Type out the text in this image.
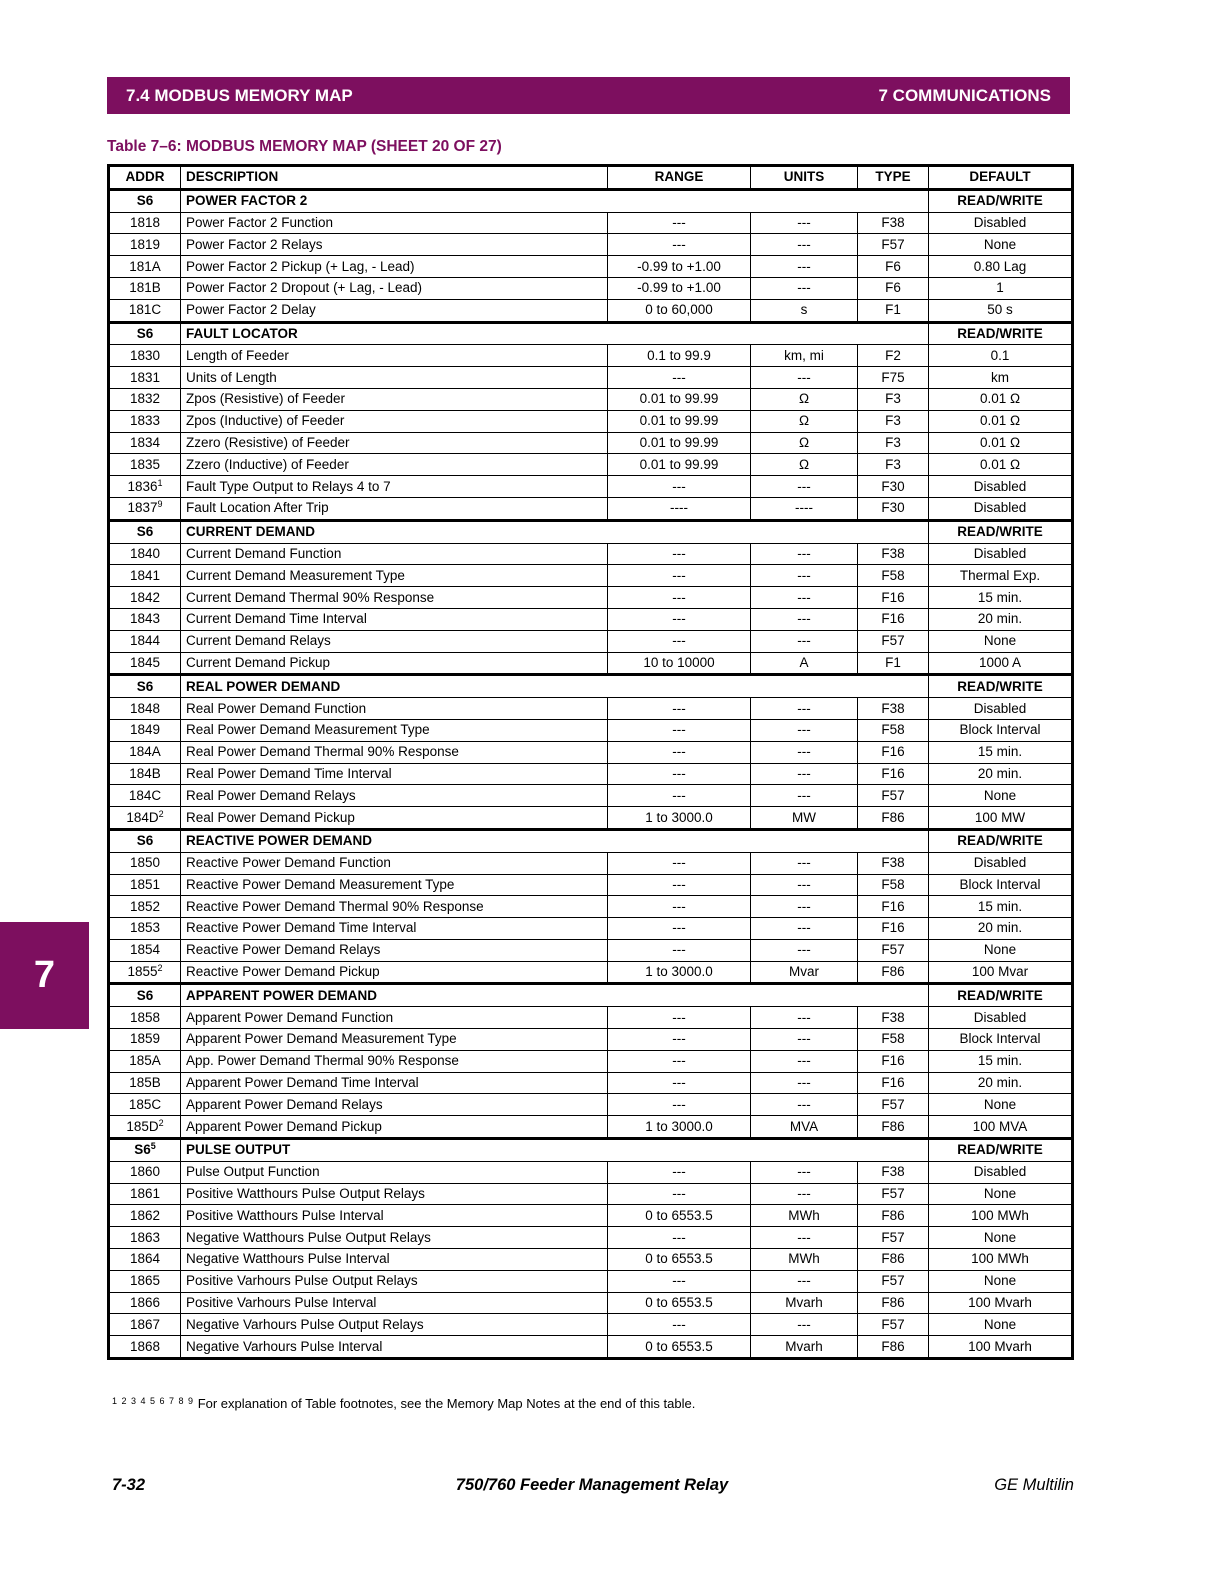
7.4 MODBUS MEMORY MAP	7 COMMUNICATIONS
Table 7–6: MODBUS MEMORY MAP (SHEET 20 OF 27)
7
ADDR	DESCRIPTION	RANGE	UNITS	TYPE	DEFAULT
S6	POWER FACTOR 2				READ/WRITE
1818	Power Factor 2 Function	---	---	F38	Disabled
1819	Power Factor 2 Relays	---	---	F57	None
181A	Power Factor 2 Pickup (+ Lag, - Lead)	-0.99 to +1.00	---	F6	0.80 Lag
181B	Power Factor 2 Dropout (+ Lag, - Lead)	-0.99 to +1.00	---	F6	1
181C	Power Factor 2 Delay	0 to 60,000	s	F1	50 s
S6	FAULT LOCATOR				READ/WRITE
1830	Length of Feeder	0.1 to 99.9	km, mi	F2	0.1
1831	Units of Length	---	---	F75	km
1832	Zpos (Resistive) of Feeder	0.01 to 99.99	Ω	F3	0.01 Ω
1833	Zpos (Inductive) of Feeder	0.01 to 99.99	Ω	F3	0.01 Ω
1834	Zzero (Resistive) of Feeder	0.01 to 99.99	Ω	F3	0.01 Ω
1835	Zzero (Inductive) of Feeder	0.01 to 99.99	Ω	F3	0.01 Ω
1836$^1$	Fault Type Output to Relays 4 to 7	---	---	F30	Disabled
1837$^9$	Fault Location After Trip	----	----	F30	Disabled
S6	CURRENT DEMAND				READ/WRITE
1840	Current Demand Function	---	---	F38	Disabled
1841	Current Demand Measurement Type	---	---	F58	Thermal Exp.
1842	Current Demand Thermal 90% Response	---	---	F16	15 min.
1843	Current Demand Time Interval	---	---	F16	20 min.
1844	Current Demand Relays	---	---	F57	None
1845	Current Demand Pickup	10 to 10000	A	F1	1000 A
S6	REAL POWER DEMAND				READ/WRITE
1848	Real Power Demand Function	---	---	F38	Disabled
1849	Real Power Demand Measurement Type	---	---	F58	Block Interval
184A	Real Power Demand Thermal 90% Response	---	---	F16	15 min.
184B	Real Power Demand Time Interval	---	---	F16	20 min.
184C	Real Power Demand Relays	---	---	F57	None
$184D^2$	Real Power Demand Pickup	1 to 3000.0	MW	F86	100 MW
S6	REACTIVE POWER DEMAND				READ/WRITE
1850	Reactive Power Demand Function	---	---	F38	Disabled
1851	Reactive Power Demand Measurement Type	---	---	F58	Block Interval
1852	Reactive Power Demand Thermal 90% Response	---	---	F16	15 min.
1853	Reactive Power Demand Time Interval	---	---	F16	20 min.
1854	Reactive Power Demand Relays	---	---	F57	None
1855$^2$	Reactive Power Demand Pickup	1 to 3000.0	Mvar	F86	100 Mvar
S6	APPARENT POWER DEMAND				READ/WRITE
1858	Apparent Power Demand Function	---	---	F38	Disabled
1859	Apparent Power Demand Measurement Type	---	---	F58	Block Interval
185A	App. Power Demand Thermal 90% Response	---	---	F16	15 min.
185B	Apparent Power Demand Time Interval	---	---	F16	20 min.
185C	Apparent Power Demand Relays	---	---	F57	None
$185D^2$	Apparent Power Demand Pickup	1 to 3000.0	MVA	F86	100 MVA
$S6^5$	PULSE OUTPUT				READ/WRITE
1860	Pulse Output Function	---	---	F38	Disabled
1861	Positive Watthours Pulse Output Relays	---	---	F57	None
1862	Positive Watthours Pulse Interval	0 to 6553.5	MWh	F86	100 MWh
1863	Negative Watthours Pulse Output Relays	---	---	F57	None
1864	Negative Watthours Pulse Interval	0 to 6553.5	MWh	F86	100 MWh
1865	Positive Varhours Pulse Output Relays	---	---	F57	None
1866	Positive Varhours Pulse Interval	0 to 6553.5	Mvarh	F86	100 Mvarh
1867	Negative Varhours Pulse Output Relays	---	---	F57	None
1868	Negative Varhours Pulse Interval	0 to 6553.5	Mvarh	F86	100 Mvarh
$^{1 2 3 4 5 6 7 8 9}$ For explanation of Table footnotes, see the Memory Map Notes at the end of this table.
7-32	750/760 Feeder Management Relay	GE Multilin
